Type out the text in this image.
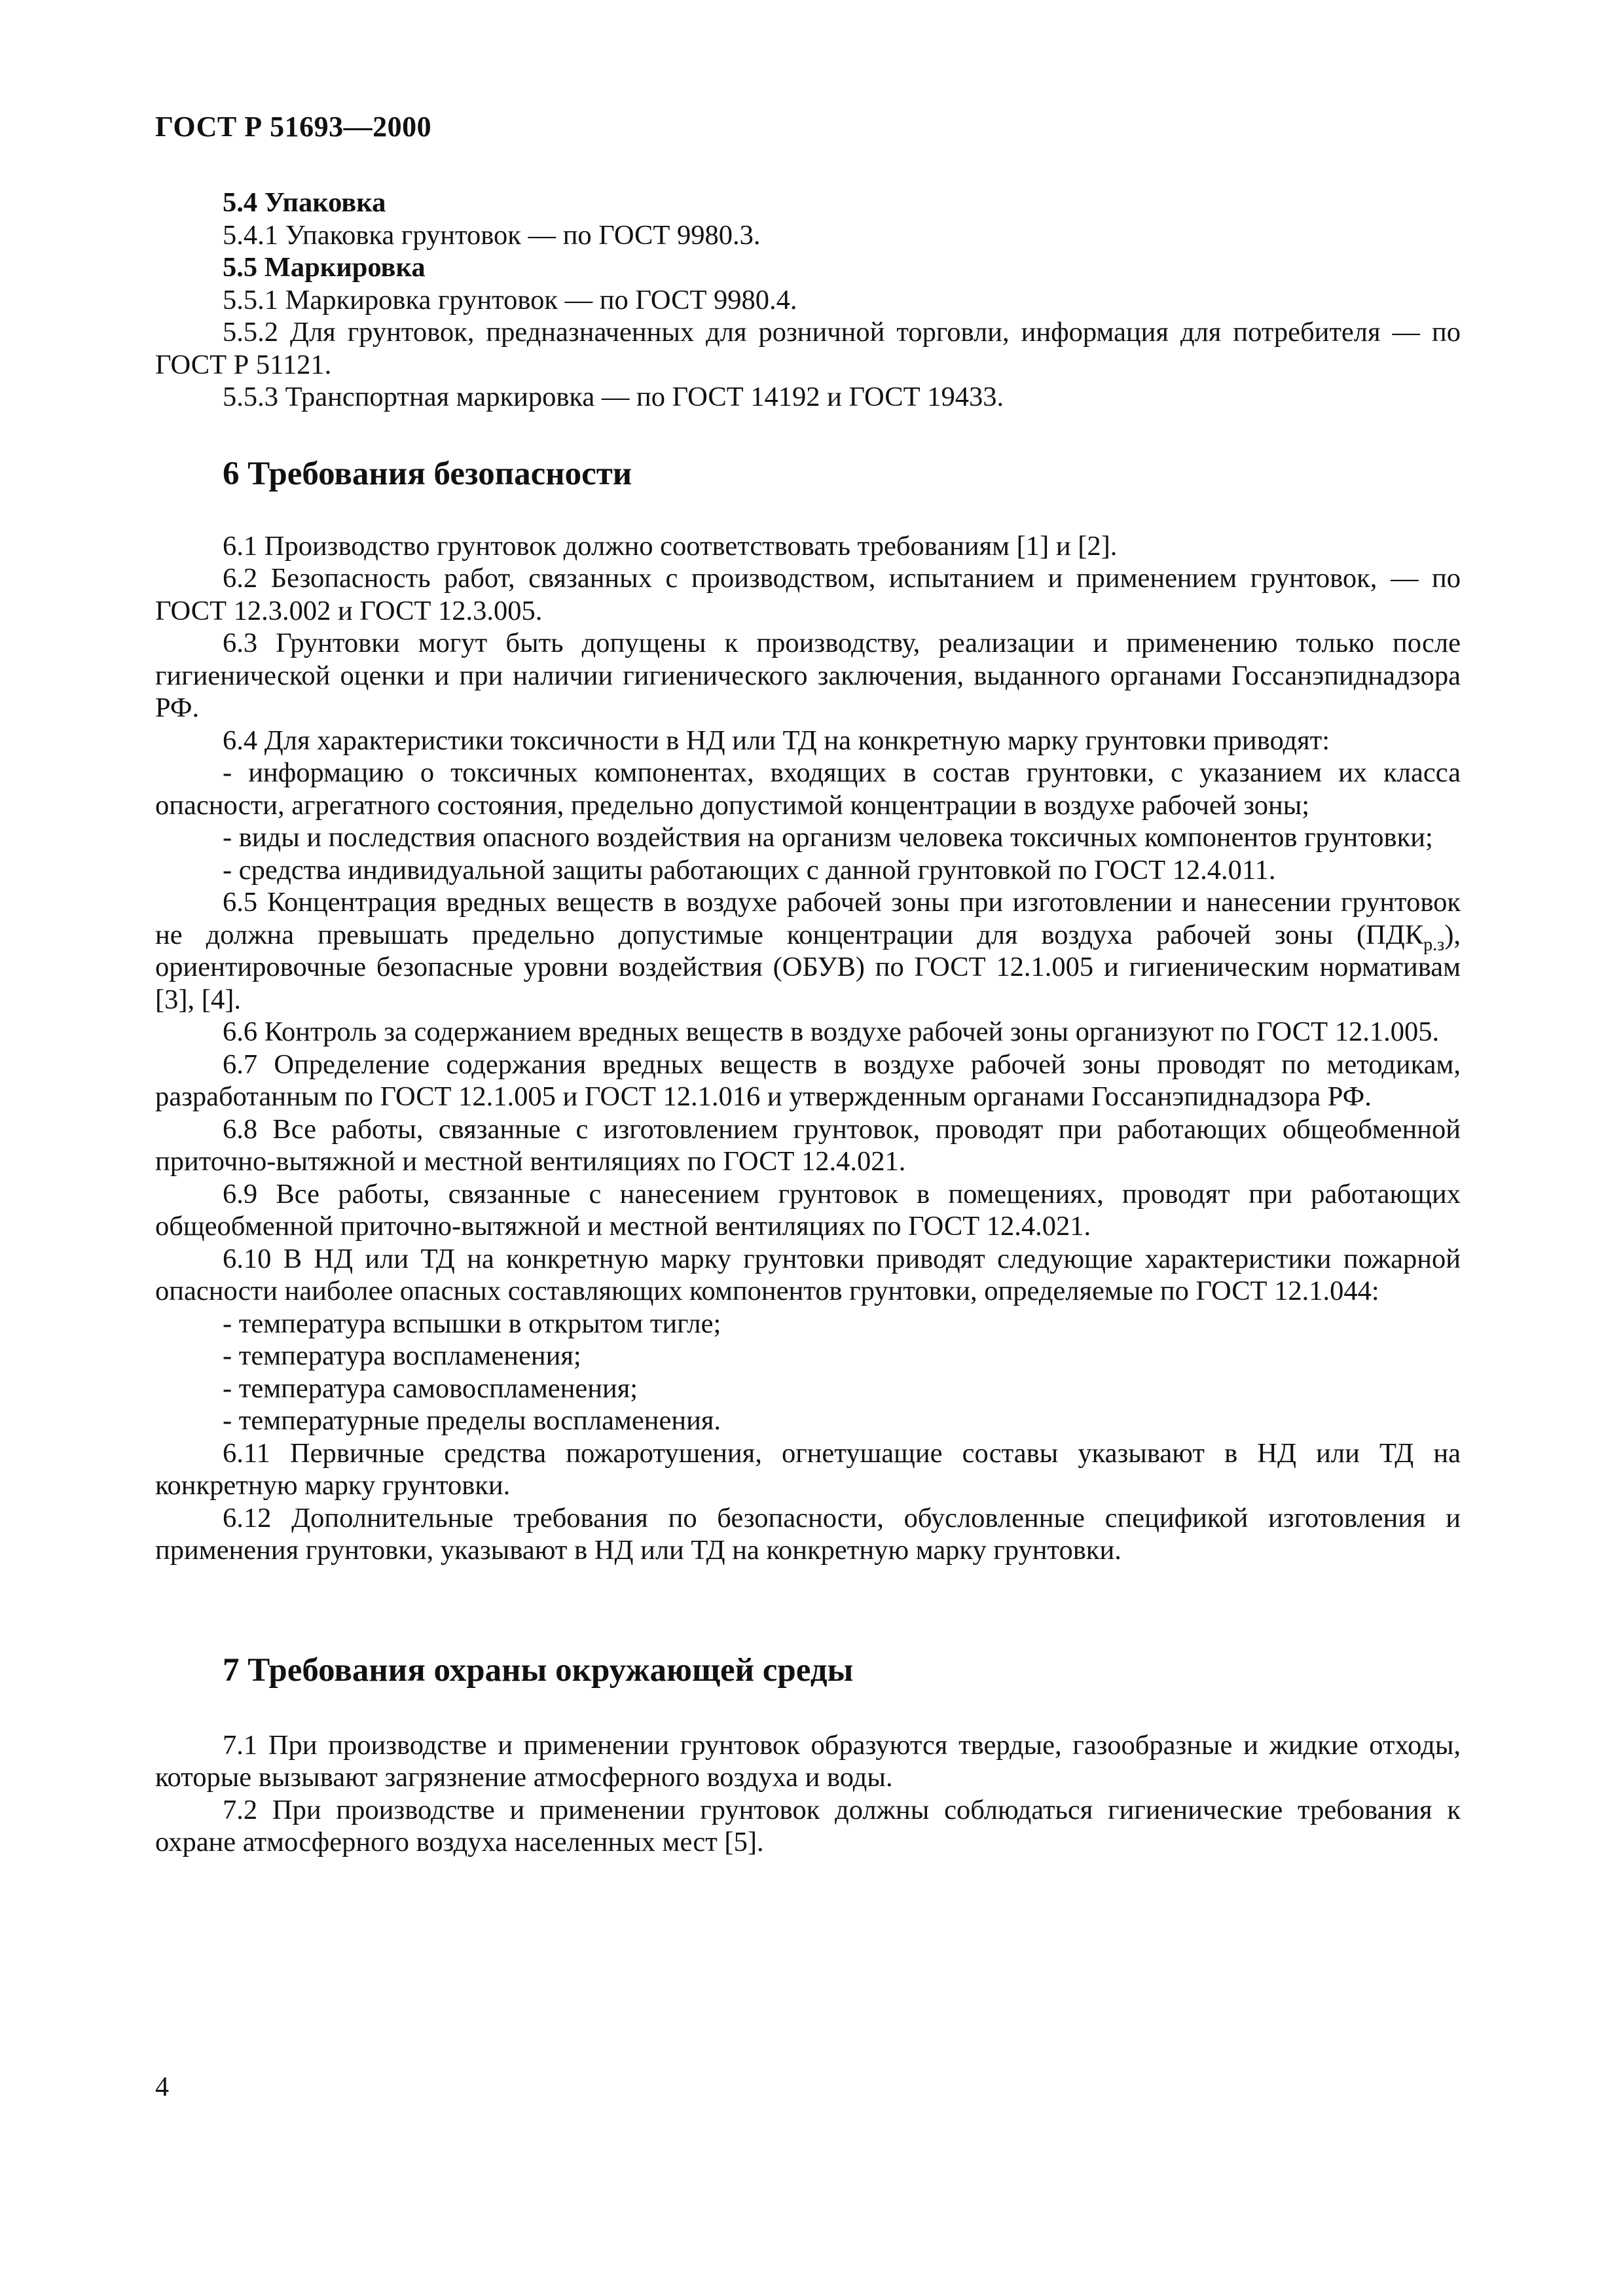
ГОСТ Р 51693—2000

5.4 Упаковка

5.4.1 Упаковка грунтовок — по ГОСТ 9980.3.

5.5 Маркировка

5.5.1 Маркировка грунтовок — по ГОСТ 9980.4.

5.5.2 Для грунтовок, предназначенных для розничной торговли, информация для потребителя — по ГОСТ Р 51121.

5.5.3 Транспортная маркировка — по ГОСТ 14192 и ГОСТ 19433.

6 Требования безопасности

6.1 Производство грунтовок должно соответствовать требованиям [1] и [2].

6.2 Безопасность работ, связанных с производством, испытанием и применением грунтовок, — по ГОСТ 12.3.002 и ГОСТ 12.3.005.

6.3 Грунтовки могут быть допущены к производству, реализации и применению только после гигиенической оценки и при наличии гигиенического заключения, выданного органами Госсанэпиднадзора РФ.

6.4 Для характеристики токсичности в НД или ТД на конкретную марку грунтовки приводят:

- информацию о токсичных компонентах, входящих в состав грунтовки, с указанием их класса опасности, агрегатного состояния, предельно допустимой концентрации в воздухе рабочей зоны;

- виды и последствия опасного воздействия на организм человека токсичных компонентов грунтовки;

- средства индивидуальной защиты работающих с данной грунтовкой по ГОСТ 12.4.011.

6.5 Концентрация вредных веществ в воздухе рабочей зоны при изготовлении и нанесении грунтовок не должна превышать предельно допустимые концентрации для воздуха рабочей зоны $(ПДК_{р.з})$, ориентировочные безопасные уровни воздействия (ОБУВ) по ГОСТ 12.1.005 и гигиеническим нормативам [3], [4].

6.6 Контроль за содержанием вредных веществ в воздухе рабочей зоны организуют по ГОСТ 12.1.005.

6.7 Определение содержания вредных веществ в воздухе рабочей зоны проводят по методикам, разработанным по ГОСТ 12.1.005 и ГОСТ 12.1.016 и утвержденным органами Госсанэпиднадзора РФ.

6.8 Все работы, связанные с изготовлением грунтовок, проводят при работающих общеобменной приточно-вытяжной и местной вентиляциях по ГОСТ 12.4.021.

6.9 Все работы, связанные с нанесением грунтовок в помещениях, проводят при работающих общеобменной приточно-вытяжной и местной вентиляциях по ГОСТ 12.4.021.

6.10 В НД или ТД на конкретную марку грунтовки приводят следующие характеристики пожарной опасности наиболее опасных составляющих компонентов грунтовки, определяемые по ГОСТ 12.1.044:

- температура вспышки в открытом тигле;

- температура воспламенения;

- температура самовоспламенения;

- температурные пределы воспламенения.

6.11 Первичные средства пожаротушения, огнетушащие составы указывают в НД или ТД на конкретную марку грунтовки.

6.12 Дополнительные требования по безопасности, обусловленные спецификой изготовления и применения грунтовки, указывают в НД или ТД на конкретную марку грунтовки.

7 Требования охраны окружающей среды

7.1 При производстве и применении грунтовок образуются твердые, газообразные и жидкие отходы, которые вызывают загрязнение атмосферного воздуха и воды.

7.2 При производстве и применении грунтовок должны соблюдаться гигиенические требования к охране атмосферного воздуха населенных мест [5].

4
